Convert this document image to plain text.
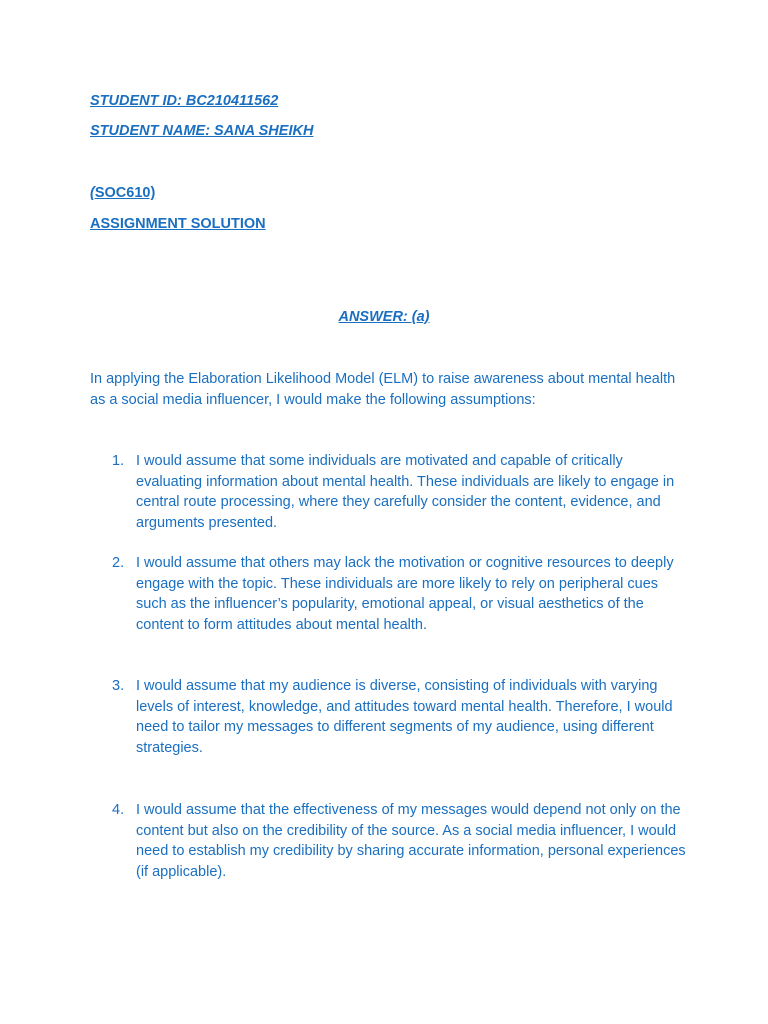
STUDENT ID: BC210411562
STUDENT NAME: SANA SHEIKH
(SOC610)
ASSIGNMENT SOLUTION
ANSWER: (a)
In applying the Elaboration Likelihood Model (ELM) to raise awareness about mental health as a social media influencer, I would make the following assumptions:
1. I would assume that some individuals are motivated and capable of critically evaluating information about mental health. These individuals are likely to engage in central route processing, where they carefully consider the content, evidence, and arguments presented.
2. I would assume that others may lack the motivation or cognitive resources to deeply engage with the topic. These individuals are more likely to rely on peripheral cues such as the influencer’s popularity, emotional appeal, or visual aesthetics of the content to form attitudes about mental health.
3. I would assume that my audience is diverse, consisting of individuals with varying levels of interest, knowledge, and attitudes toward mental health. Therefore, I would need to tailor my messages to different segments of my audience, using different strategies.
4. I would assume that the effectiveness of my messages would depend not only on the content but also on the credibility of the source. As a social media influencer, I would need to establish my credibility by sharing accurate information, personal experiences (if applicable).
